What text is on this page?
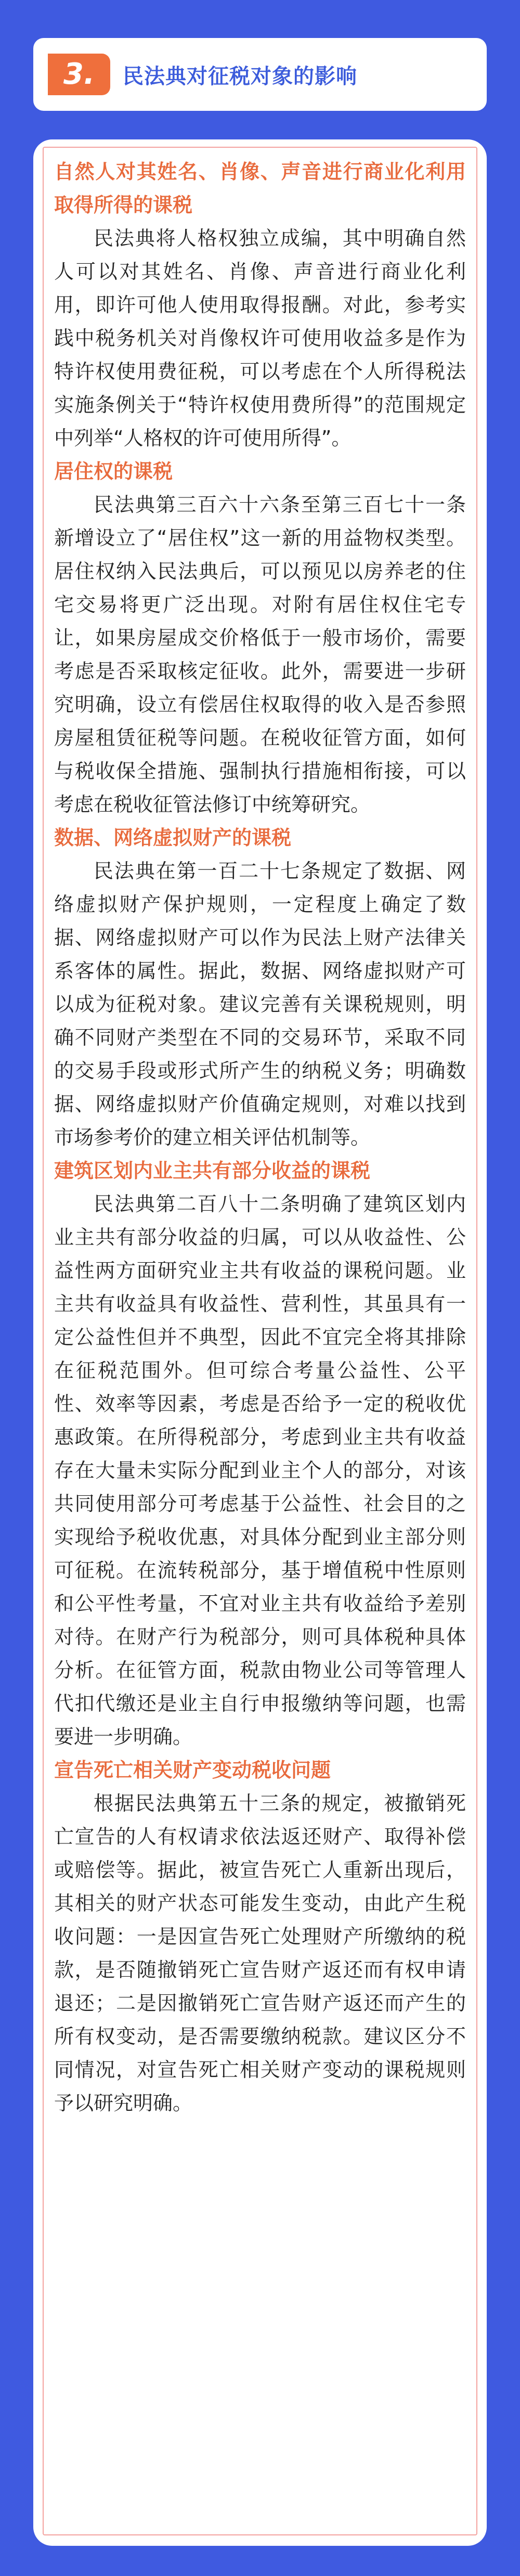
3. 民法典对征税对象的影响

自然人对其姓名、肖像、声音进行商业化利用取得所得的课税

民法典将人格权独立成编，其中明确自然人可以对其姓名、肖像、声音进行商业化利用，即许可他人使用取得报酬。对此，参考实践中税务机关对肖像权许可使用收益多是作为特许权使用费征税，可以考虑在个人所得税法实施条例关于“特许权使用费所得”的范围规定中列举“人格权的许可使用所得”。

居住权的课税

民法典第三百六十六条至第三百七十一条新增设立了“居住权”这一新的用益物权类型。居住权纳入民法典后，可以预见以房养老的住宅交易将更广泛出现。对附有居住权住宅专让，如果房屋成交价格低于一般市场价，需要考虑是否采取核定征收。此外，需要进一步研究明确，设立有偿居住权取得的收入是否参照房屋租赁征税等问题。在税收征管方面，如何与税收保全措施、强制执行措施相衔接，可以考虑在税收征管法修订中统筹研究。

数据、网络虚拟财产的课税

民法典在第一百二十七条规定了数据、网络虚拟财产保护规则，一定程度上确定了数据、网络虚拟财产可以作为民法上财产法律关系客体的属性。据此，数据、网络虚拟财产可以成为征税对象。建议完善有关课税规则，明确不同财产类型在不同的交易环节，采取不同的交易手段或形式所产生的纳税义务；明确数据、网络虚拟财产价值确定规则，对难以找到市场参考价的建立相关评估机制等。

建筑区划内业主共有部分收益的课税

民法典第二百八十二条明确了建筑区划内业主共有部分收益的归属，可以从收益性、公益性两方面研究业主共有收益的课税问题。业主共有收益具有收益性、营利性，其虽具有一定公益性但并不典型，因此不宜完全将其排除在征税范围外。但可综合考量公益性、公平性、效率等因素，考虑是否给予一定的税收优惠政策。在所得税部分，考虑到业主共有收益存在大量未实际分配到业主个人的部分，对该共同使用部分可考虑基于公益性、社会目的之实现给予税收优惠，对具体分配到业主部分则可征税。在流转税部分，基于增值税中性原则和公平性考量，不宜对业主共有收益给予差别对待。在财产行为税部分，则可具体税种具体分析。在征管方面，税款由物业公司等管理人代扣代缴还是业主自行申报缴纳等问题，也需要进一步明确。

宣告死亡相关财产变动税收问题

根据民法典第五十三条的规定，被撤销死亡宣告的人有权请求依法返还财产、取得补偿或赔偿等。据此，被宣告死亡人重新出现后，其相关的财产状态可能发生变动，由此产生税收问题：一是因宣告死亡处理财产所缴纳的税款，是否随撤销死亡宣告财产返还而有权申请退还；二是因撤销死亡宣告财产返还而产生的所有权变动，是否需要缴纳税款。建议区分不同情况，对宣告死亡相关财产变动的课税规则予以研究明确。
